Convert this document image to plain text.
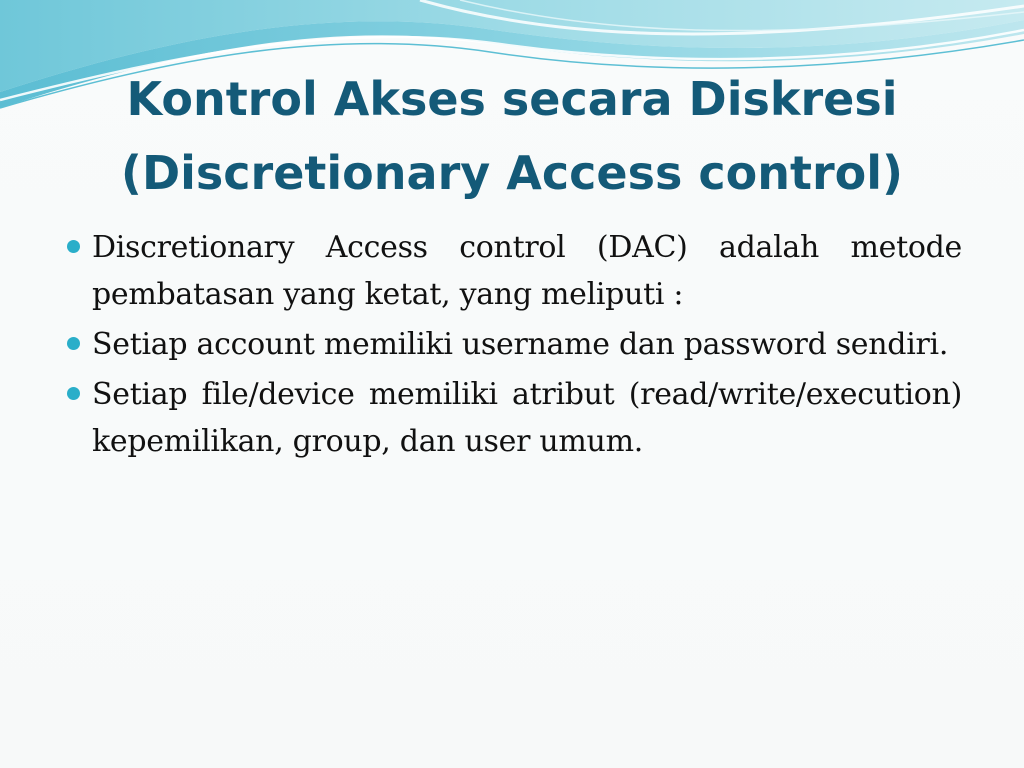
Kontrol Akses secara Diskresi
(Discretionary Access control)
Discretionary Access control (DAC) adalah metode pembatasan yang ketat, yang meliputi :
Setiap account memiliki username dan password sendiri.
Setiap file/device memiliki atribut (read/write/execution) kepemilikan, group, dan user umum.
